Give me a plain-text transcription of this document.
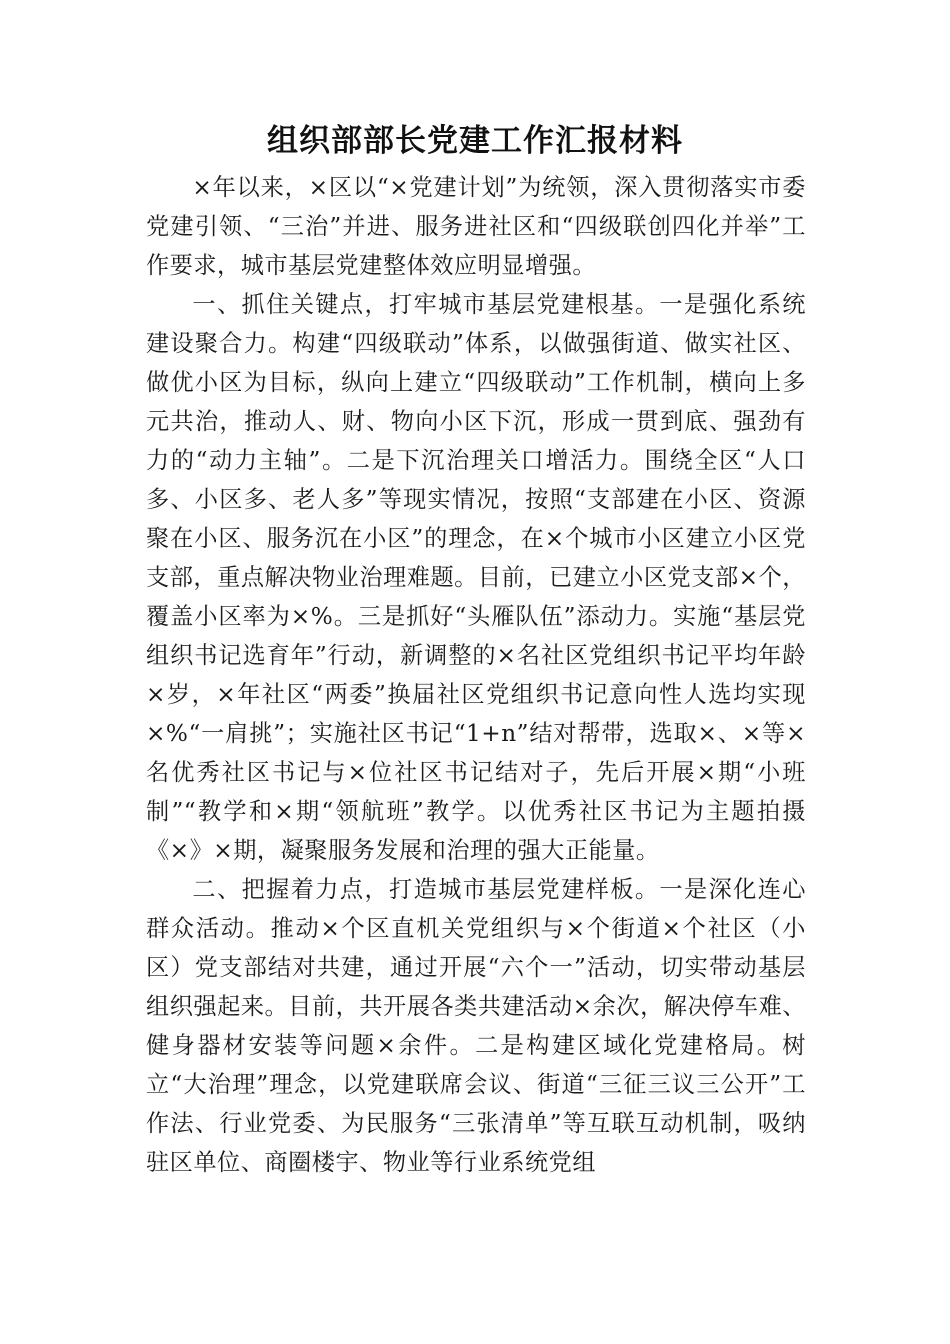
组织部部长党建工作汇报材料

×年以来，×区以“×党建计划”为统领，深入贯彻落实市委党建引领、“三治”并进、服务进社区和“四级联创四化并举”工作要求，城市基层党建整体效应明显增强。

一、抓住关键点，打牢城市基层党建根基。一是强化系统建设聚合力。构建“四级联动”体系，以做强街道、做实社区、做优小区为目标，纵向上建立“四级联动”工作机制，横向上多元共治，推动人、财、物向小区下沉，形成一贯到底、强劲有力的“动力主轴”。二是下沉治理关口增活力。围绕全区“人口多、小区多、老人多”等现实情况，按照“支部建在小区、资源聚在小区、服务沉在小区”的理念，在×个城市小区建立小区党支部，重点解决物业治理难题。目前，已建立小区党支部×个，覆盖小区率为×%。三是抓好“头雁队伍”添动力。实施“基层党组织书记选育年”行动，新调整的×名社区党组织书记平均年龄×岁，×年社区“两委”换届社区党组织书记意向性人选均实现×%“一肩挑”；实施社区书记“1+n”结对帮带，选取×、×等×名优秀社区书记与×位社区书记结对子，先后开展×期“小班制”“教学和×期“领航班”教学。以优秀社区书记为主题拍摄《×》×期，凝聚服务发展和治理的强大正能量。

二、把握着力点，打造城市基层党建样板。一是深化连心群众活动。推动×个区直机关党组织与×个街道×个社区（小区）党支部结对共建，通过开展“六个一”活动，切实带动基层组织强起来。目前，共开展各类共建活动×余次，解决停车难、健身器材安装等问题×余件。二是构建区域化党建格局。树立“大治理”理念，以党建联席会议、街道“三征三议三公开”工作法、行业党委、为民服务“三张清单”等互联互动机制，吸纳驻区单位、商圈楼宇、物业等行业系统党组
